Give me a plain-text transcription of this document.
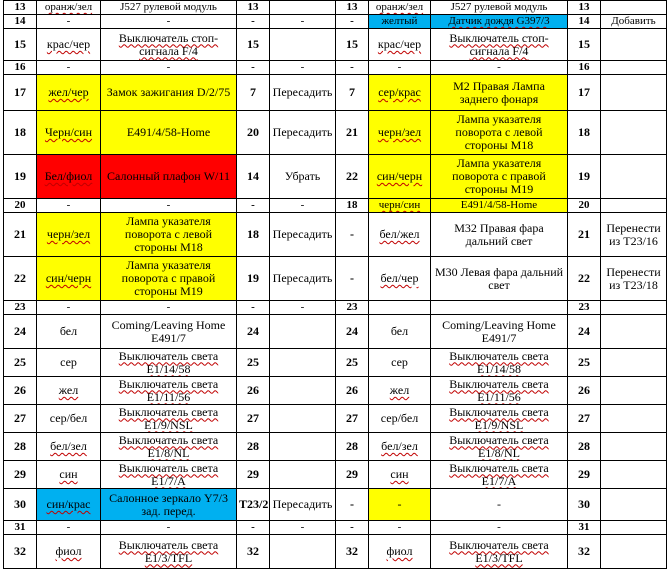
13	оранж/зел	J527 рулевой модуль	13		13	оранж/зел	J527 рулевой модуль	13	
14	-	-	-	-	-	желтый	Датчик дождя G397/3	14	Добавить
15	крас/чер	Выключатель стоп-сигнала F/4	15		15	крас/чер	Выключатель стоп-сигнала F/4	15	
16	-	-	-	-	-	-	-	16	
17	жел/чер	Замок зажигания D/2/75	7	Пересадить	7	сер/крас	M2 Правая Лампа заднего фонаря	17	
18	Черн/син	E491/4/58-Home	20	Пересадить	21	черн/зел	Лампа указателя поворота с левой стороны M18	18	
19	Бел/фиол	Салонный плафон W/11	14	Убрать	22	син/черн	Лампа указателя поворота с правой стороны M19	19	
20	-	-	-	-	18	черн/син	E491/4/58-Home	20	
21	черн/зел	Лампа указателя поворота с левой стороны M18	18	Пересадить	-	бел/жел	M32 Правая фара дальний свет	21	Перенести из T23/16
22	син/черн	Лампа указателя поворота с правой стороны M19	19	Пересадить	-	бел/чер	M30 Левая фара дальний свет	22	Перенести из T23/18
23	-	-	-	-	23			23	
24	бел	Coming/Leaving Home E491/7	24		24	бел	Coming/Leaving Home E491/7	24	
25	сер	Выключатель света E1/14/58	25		25	сер	Выключатель света E1/14/58	25	
26	жел	Выключатель света E1/11/56	26		26	жел	Выключатель света E1/11/56	26	
27	сер/бел	Выключатель света E1/9/NSL	27		27	сер/бел	Выключатель света E1/9/NSL	27	
28	бел/зел	Выключатель света E1/8/NL	28		28	бел/зел	Выключатель света E1/8/NL	28	
29	син	Выключатель света E1/7/A	29		29	син	Выключатель света E1/7/A	29	
30	син/крас	Салонное зеркало Y7/3 зад. перед.	T23/2	Пересадить	-	-	-	30	
31	-	-	-	-	-	-	-	31	
32	фиол	Выключатель света E1/3/TFL	32		32	фиол	Выключатель света E1/3/TFL	32	
